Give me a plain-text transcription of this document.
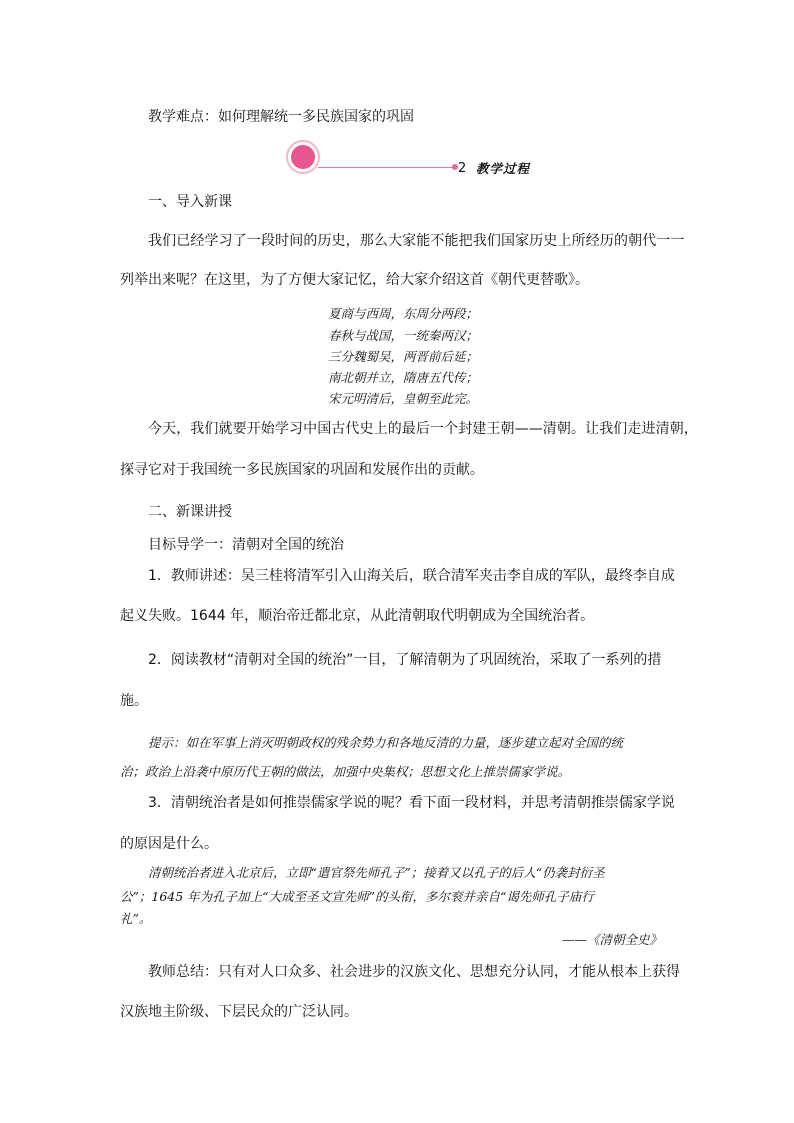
教学难点：如何理解统一多民族国家的巩固
2 教学过程
一、导入新课
我们已经学习了一段时间的历史，那么大家能不能把我们国家历史上所经历的朝代一一
列举出来呢？在这里，为了方便大家记忆，给大家介绍这首《朝代更替歌》。
夏商与西周，东周分两段；
春秋与战国，一统秦两汉；
三分魏蜀吴，两晋前后延；
南北朝并立，隋唐五代传；
宋元明清后，皇朝至此完。
今天，我们就要开始学习中国古代史上的最后一个封建王朝——清朝。让我们走进清朝，
探寻它对于我国统一多民族国家的巩固和发展作出的贡献。
二、新课讲授
目标导学一：清朝对全国的统治
1．教师讲述：吴三桂将清军引入山海关后，联合清军夹击李自成的军队，最终李自成
起义失败。1644 年，顺治帝迁都北京，从此清朝取代明朝成为全国统治者。
2．阅读教材“清朝对全国的统治”一目，了解清朝为了巩固统治，采取了一系列的措
施。
提示：如在军事上消灭明朝政权的残余势力和各地反清的力量，逐步建立起对全国的统
治；政治上沿袭中原历代王朝的做法，加强中央集权；思想文化上推崇儒家学说。
3．清朝统治者是如何推崇儒家学说的呢？看下面一段材料，并思考清朝推崇儒家学说
的原因是什么。
清朝统治者进入北京后，立即“遣官祭先师孔子”；接着又以孔子的后人“仍袭封衍圣
公”；1645 年为孔子加上“大成至圣文宣先师”的头衔，多尔衮并亲自“谒先师孔子庙行
礼”。
——《清朝全史》
教师总结：只有对人口众多、社会进步的汉族文化、思想充分认同，才能从根本上获得
汉族地主阶级、下层民众的广泛认同。
